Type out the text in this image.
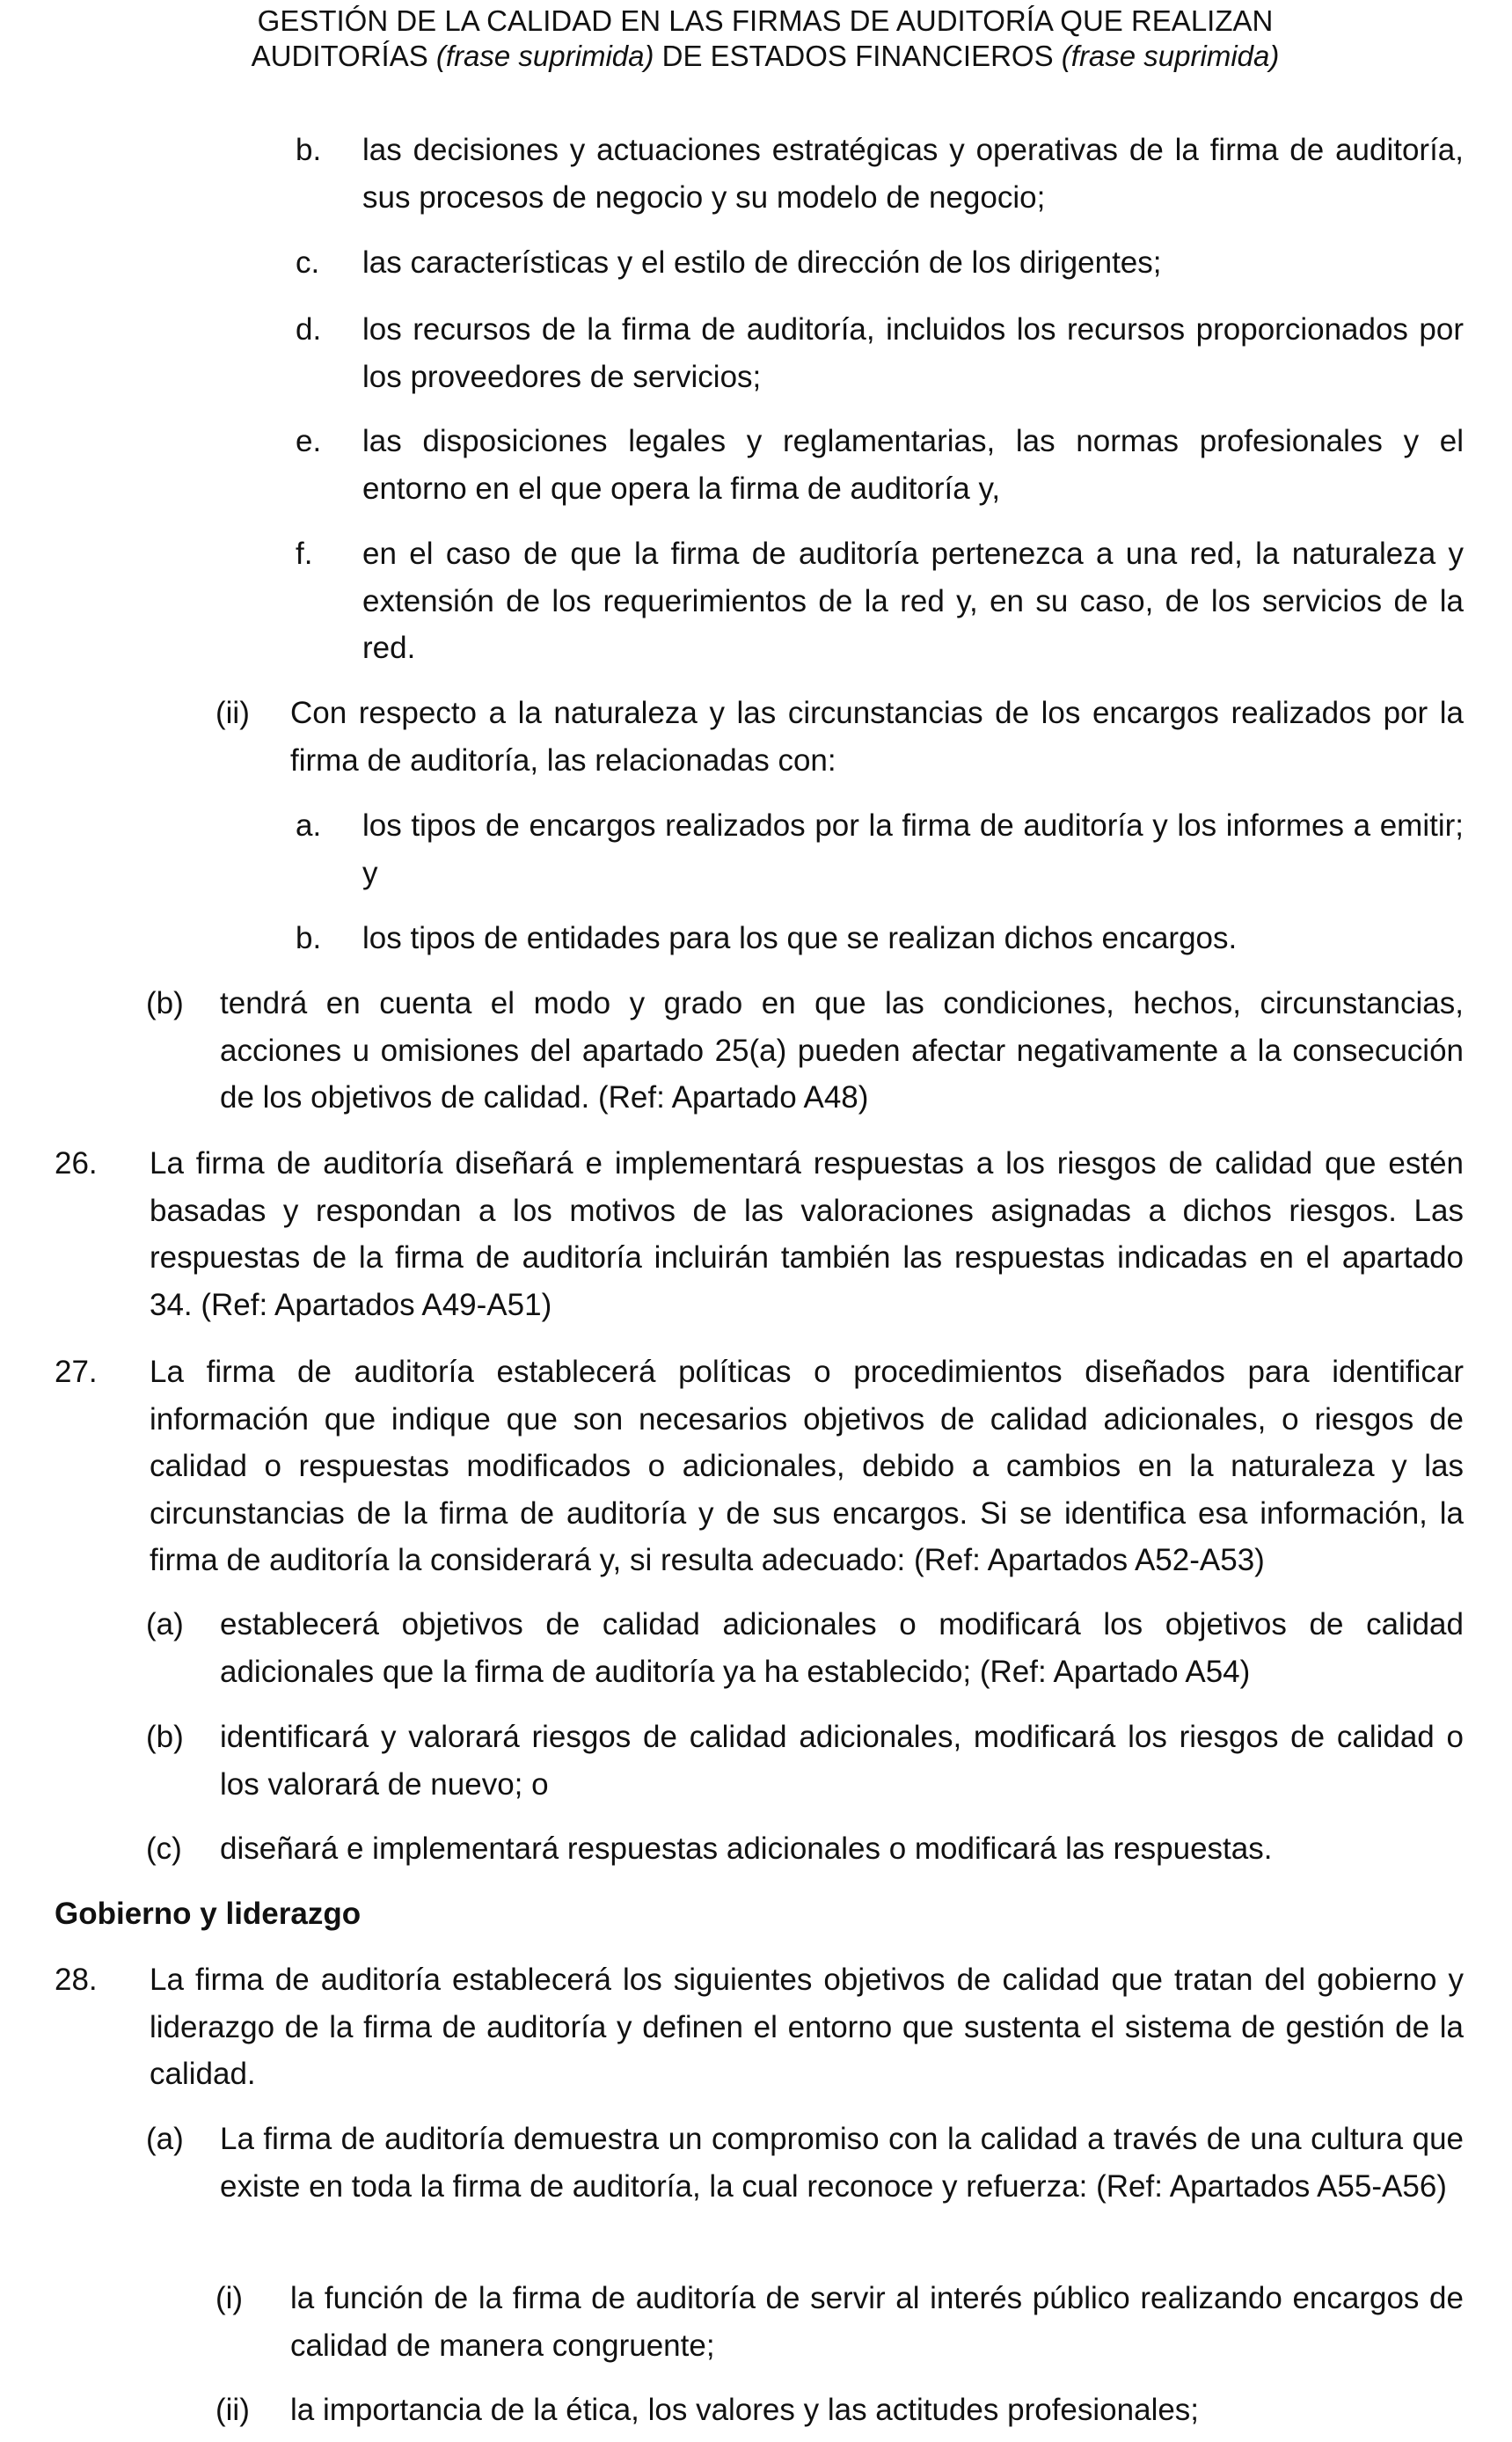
GESTIÓN DE LA CALIDAD EN LAS FIRMAS DE AUDITORÍA QUE REALIZAN
AUDITORÍAS (frase suprimida) DE ESTADOS FINANCIEROS (frase suprimida)
b. las decisiones y actuaciones estratégicas y operativas de la firma de auditoría, sus procesos de negocio y su modelo de negocio;

c. las características y el estilo de dirección de los dirigentes;

d. los recursos de la firma de auditoría, incluidos los recursos proporcionados por los proveedores de servicios;

e. las disposiciones legales y reglamentarias, las normas profesionales y el entorno en el que opera la firma de auditoría y,

f. en el caso de que la firma de auditoría pertenezca a una red, la naturaleza y extensión de los requerimientos de la red y, en su caso, de los servicios de la red.

(ii) Con respecto a la naturaleza y las circunstancias de los encargos realizados por la firma de auditoría, las relacionadas con:

a. los tipos de encargos realizados por la firma de auditoría y los informes a emitir; y

b. los tipos de entidades para los que se realizan dichos encargos.

(b) tendrá en cuenta el modo y grado en que las condiciones, hechos, circunstancias, acciones u omisiones del apartado 25(a) pueden afectar negativamente a la consecución de los objetivos de calidad. (Ref: Apartado A48)

26. La firma de auditoría diseñará e implementará respuestas a los riesgos de calidad que estén basadas y respondan a los motivos de las valoraciones asignadas a dichos riesgos. Las respuestas de la firma de auditoría incluirán también las respuestas indicadas en el apartado 34. (Ref: Apartados A49-A51)

27. La firma de auditoría establecerá políticas o procedimientos diseñados para identificar información que indique que son necesarios objetivos de calidad adicionales, o riesgos de calidad o respuestas modificados o adicionales, debido a cambios en la naturaleza y las circunstancias de la firma de auditoría y de sus encargos. Si se identifica esa información, la firma de auditoría la considerará y, si resulta adecuado: (Ref: Apartados A52-A53)

(a) establecerá objetivos de calidad adicionales o modificará los objetivos de calidad adicionales que la firma de auditoría ya ha establecido; (Ref: Apartado A54)

(b) identificará y valorará riesgos de calidad adicionales, modificará los riesgos de calidad o los valorará de nuevo; o

(c) diseñará e implementará respuestas adicionales o modificará las respuestas.

Gobierno y liderazgo
28. La firma de auditoría establecerá los siguientes objetivos de calidad que tratan del gobierno y liderazgo de la firma de auditoría y definen el entorno que sustenta el sistema de gestión de la calidad.

(a) La firma de auditoría demuestra un compromiso con la calidad a través de una cultura que existe en toda la firma de auditoría, la cual reconoce y refuerza: (Ref: Apartados A55-A56)

(i) la función de la firma de auditoría de servir al interés público realizando encargos de calidad de manera congruente;

(ii) la importancia de la ética, los valores y las actitudes profesionales;
